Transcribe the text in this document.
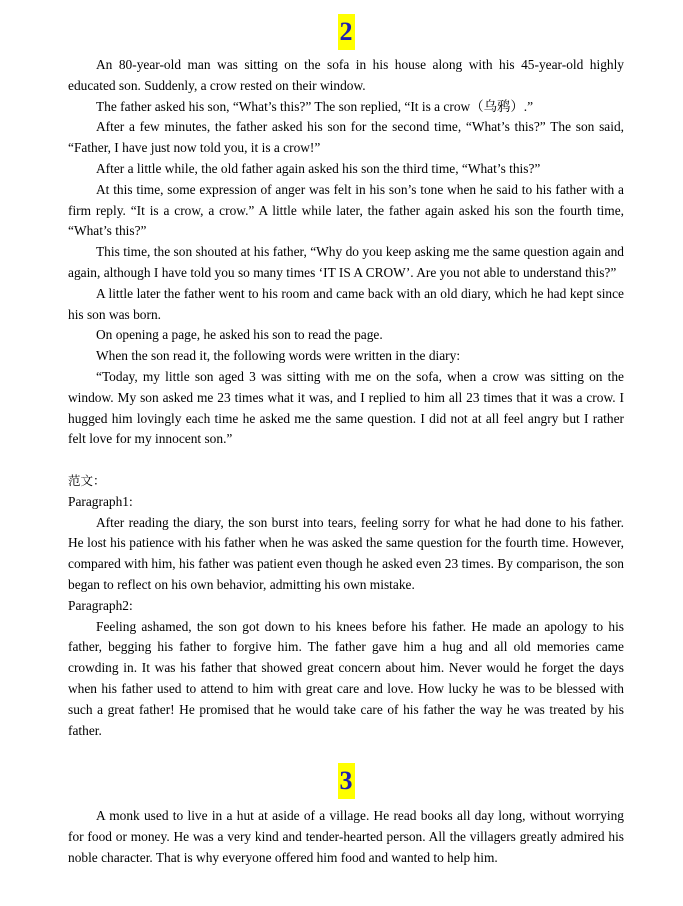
2

An 80-year-old man was sitting on the sofa in his house along with his 45-year-old highly educated son. Suddenly, a crow rested on their window.

The father asked his son, “What’s this?” The son replied, “It is a crow（乌鸦）.”

After a few minutes, the father asked his son for the second time, “What’s this?” The son said, “Father, I have just now told you, it is a crow!”

After a little while, the old father again asked his son the third time, “What’s this?”

At this time, some expression of anger was felt in his son’s tone when he said to his father with a firm reply. “It is a crow, a crow.” A little while later, the father again asked his son the fourth time, “What’s this?”

This time, the son shouted at his father, “Why do you keep asking me the same question again and again, although I have told you so many times ‘IT IS A CROW’. Are you not able to understand this?”

A little later the father went to his room and came back with an old diary, which he had kept since his son was born.

On opening a page, he asked his son to read the page.

When the son read it, the following words were written in the diary:

“Today, my little son aged 3 was sitting with me on the sofa, when a crow was sitting on the window. My son asked me 23 times what it was, and I replied to him all 23 times that it was a crow. I hugged him lovingly each time he asked me the same question. I did not at all feel angry but I rather felt love for my innocent son.”

范文：

Paragraph1:

After reading the diary, the son burst into tears, feeling sorry for what he had done to his father. He lost his patience with his father when he was asked the same question for the fourth time. However, compared with him, his father was patient even though he asked even 23 times. By comparison, the son began to reflect on his own behavior, admitting his own mistake.

Paragraph2:

Feeling ashamed, the son got down to his knees before his father. He made an apology to his father, begging his father to forgive him. The father gave him a hug and all old memories came crowding in. It was his father that showed great concern about him. Never would he forget the days when his father used to attend to him with great care and love. How lucky he was to be blessed with such a great father! He promised that he would take care of his father the way he was treated by his father.

3

A monk used to live in a hut at aside of a village. He read books all day long, without worrying for food or money. He was a very kind and tender-hearted person. All the villagers greatly admired his noble character. That is why everyone offered him food and wanted to help him.
